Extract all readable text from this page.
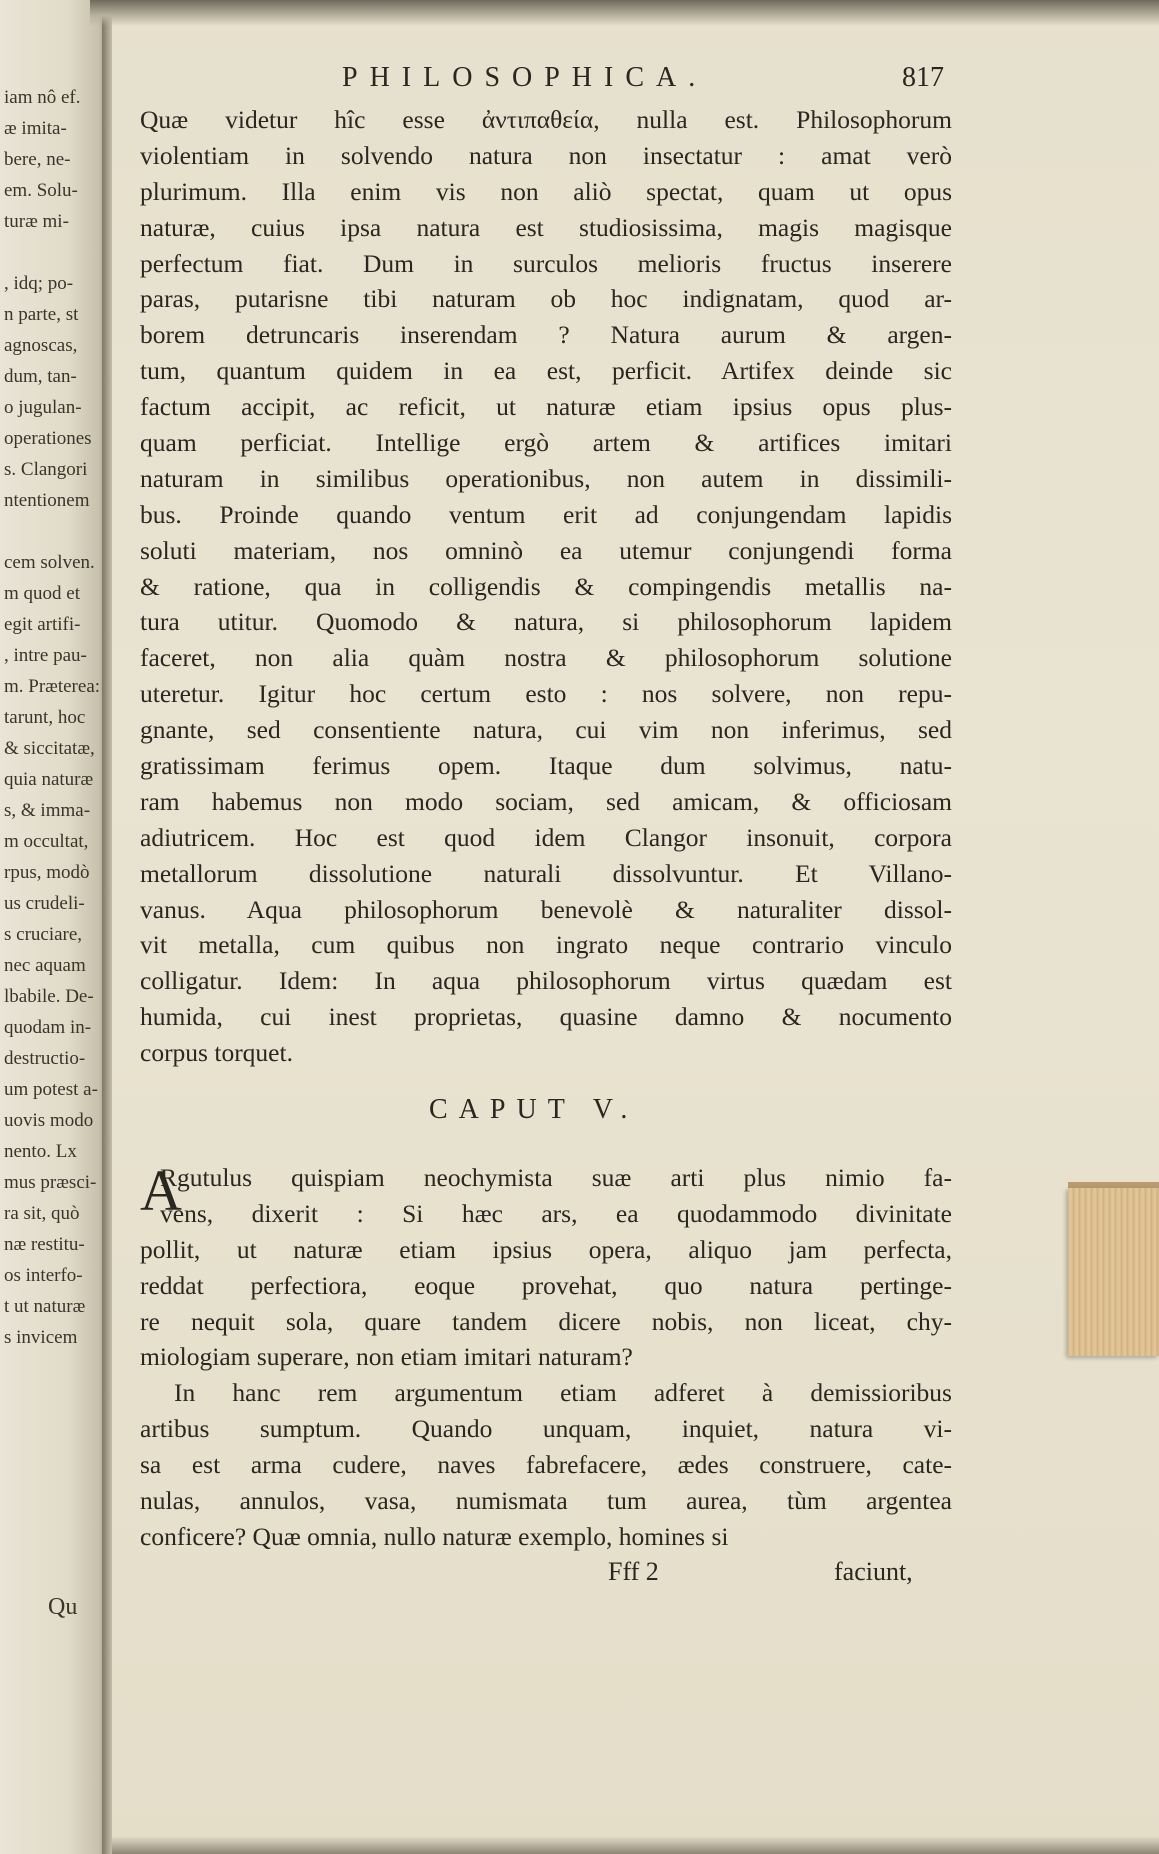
iam nô ef.
æ imita-
bere, ne-
em. Solu-
turæ mi-
, idq; po-
n parte, st
agnoscas,
dum, tan-
o jugulan-
operationes
s. Clangori
ntentionem
cem solven.
m quod et
egit artifi-
, intre pau-
m. Præterea:
tarunt, hoc
& siccitatæ,
quia naturæ
s, & imma-
m occultat,
rpus, modò
us crudeli-
s cruciare,
nec aquam
lbabile. De-
quodam in-
destructio-
um potest a-
uovis modo
nento. Lx
mus præsci-
ra sit, quò
næ restitu-
os interfo-
t ut naturæ
s invicem
Qu
PHILOSOPHICA.	817
Quæ videtur hîc esse ἀντιπαθεία, nulla est. Philosophorum
violentiam in solvendo natura non insectatur : amat verò
plurimum. Illa enim vis non aliò spectat, quam ut opus
naturæ, cuius ipsa natura est studiosissima, magis magisque
perfectum fiat. Dum in surculos melioris fructus inserere
paras, putarisne tibi naturam ob hoc indignatam, quod ar-
borem detruncaris inserendam ? Natura aurum & argen-
tum, quantum quidem in ea est, perficit. Artifex deinde sic
factum accipit, ac reficit, ut naturæ etiam ipsius opus plus-
quam perficiat. Intellige ergò artem & artifices imitari
naturam in similibus operationibus, non autem in dissimili-
bus. Proinde quando ventum erit ad conjungendam lapidis
soluti materiam, nos omninò ea utemur conjungendi forma
& ratione, qua in colligendis & compingendis metallis na-
tura utitur. Quomodo & natura, si philosophorum lapidem
faceret, non alia quàm nostra & philosophorum solutione
uteretur. Igitur hoc certum esto : nos solvere, non repu-
gnante, sed consentiente natura, cui vim non inferimus, sed
gratissimam ferimus opem. Itaque dum solvimus, natu-
ram habemus non modo sociam, sed amicam, & officiosam
adiutricem. Hoc est quod idem Clangor insonuit, corpora
metallorum dissolutione naturali dissolvuntur. Et Villano-
vanus. Aqua philosophorum benevolè & naturaliter dissol-
vit metalla, cum quibus non ingrato neque contrario vinculo
colligatur. Idem: In aqua philosophorum virtus quædam est
humida, cui inest proprietas, quasine damno & nocumento
corpus torquet.
CAPUT V.
A
Rgutulus quispiam neochymista suæ arti plus nimio fa-
vens, dixerit : Si hæc ars, ea quodammodo divinitate
pollit, ut naturæ etiam ipsius opera, aliquo jam perfecta,
reddat perfectiora, eoque provehat, quo natura pertinge-
re nequit sola, quare tandem dicere nobis, non liceat, chy-
miologiam superare, non etiam imitari naturam?
In hanc rem argumentum etiam adferet à demissioribus
artibus sumptum. Quando unquam, inquiet, natura vi-
sa est arma cudere, naves fabrefacere, ædes construere, cate-
nulas, annulos, vasa, numismata tum aurea, tùm argentea
conficere? Quæ omnia, nullo naturæ exemplo, homines si
Fff 2	faciunt,
